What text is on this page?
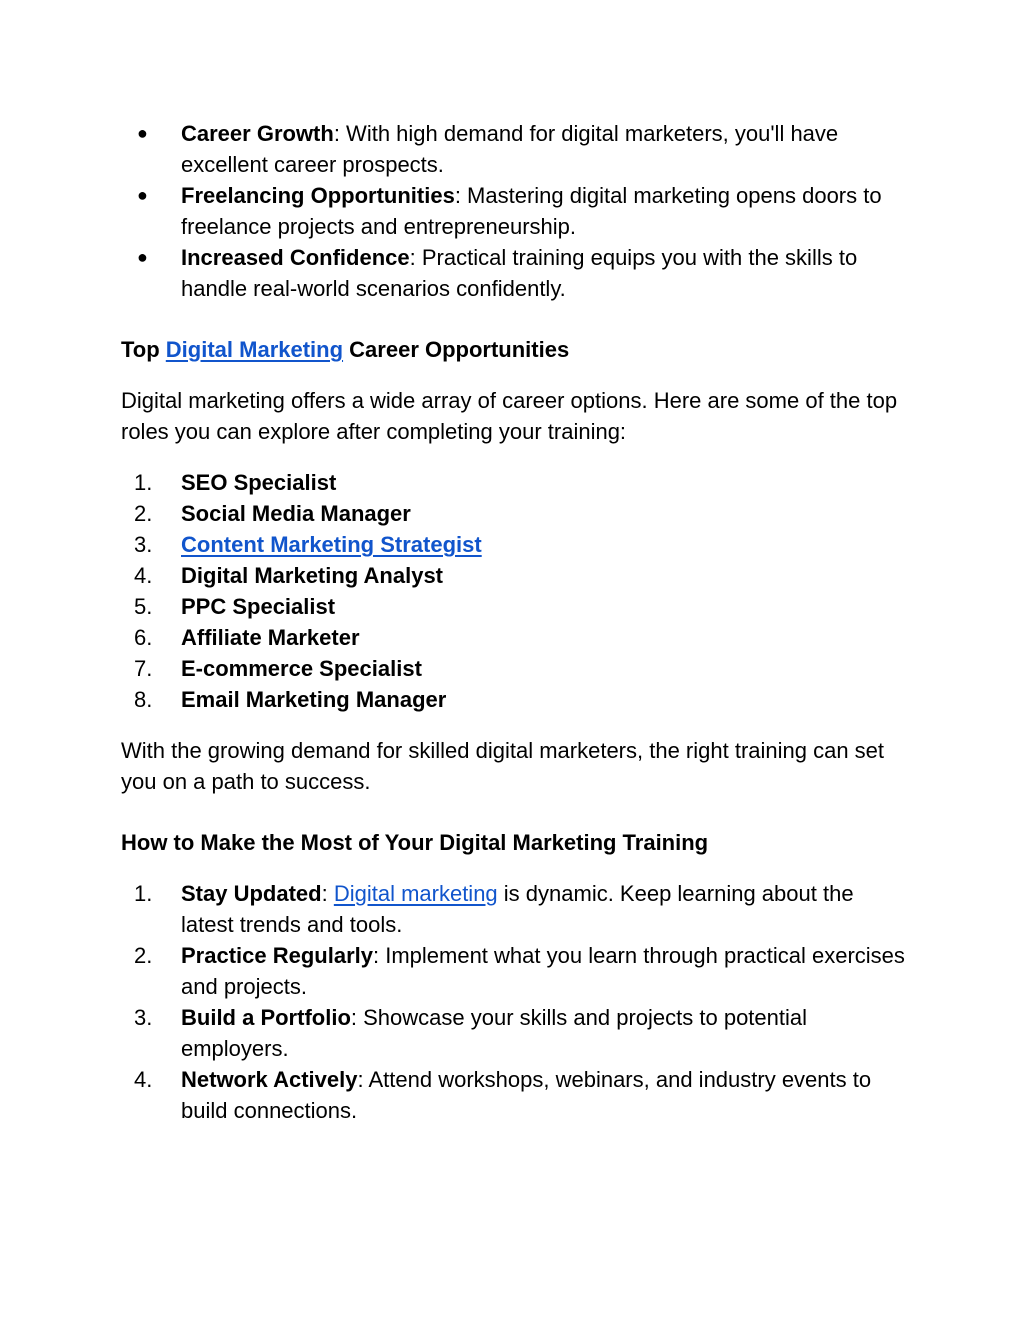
●	Career Growth: With high demand for digital marketers, you'll have excellent career prospects.
●	Freelancing Opportunities: Mastering digital marketing opens doors to freelance projects and entrepreneurship.
●	Increased Confidence: Practical training equips you with the skills to handle real-world scenarios confidently.
Top Digital Marketing Career Opportunities

Digital marketing offers a wide array of career options. Here are some of the top roles you can explore after completing your training:

1.	SEO Specialist
2.	Social Media Manager
3.	Content Marketing Strategist
4.	Digital Marketing Analyst
5.	PPC Specialist
6.	Affiliate Marketer
7.	E-commerce Specialist
8.	Email Marketing Manager

With the growing demand for skilled digital marketers, the right training can set you on a path to success.

How to Make the Most of Your Digital Marketing Training
1.	Stay Updated: Digital marketing is dynamic. Keep learning about the latest trends and tools.
2.	Practice Regularly: Implement what you learn through practical exercises and projects.
3.	Build a Portfolio: Showcase your skills and projects to potential employers.
4.	Network Actively: Attend workshops, webinars, and industry events to build connections.
